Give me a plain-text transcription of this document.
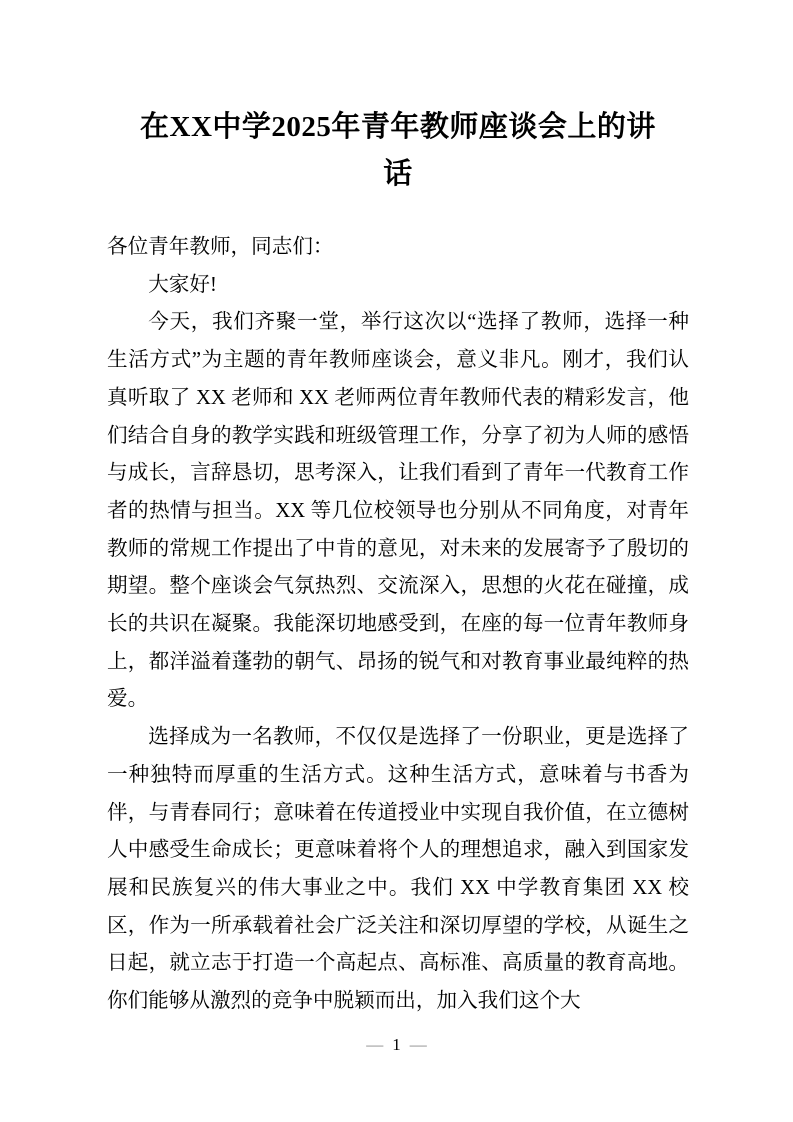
在XX中学2025年青年教师座谈会上的讲
话

各位青年教师，同志们：

大家好!

今天，我们齐聚一堂，举行这次以“选择了教师，选择一种生活方式”为主题的青年教师座谈会，意义非凡。刚才，我们认真听取了 XX 老师和 XX 老师两位青年教师代表的精彩发言，他们结合自身的教学实践和班级管理工作，分享了初为人师的感悟与成长，言辞恳切，思考深入，让我们看到了青年一代教育工作者的热情与担当。XX 等几位校领导也分别从不同角度，对青年教师的常规工作提出了中肯的意见，对未来的发展寄予了殷切的期望。整个座谈会气氛热烈、交流深入，思想的火花在碰撞，成长的共识在凝聚。我能深切地感受到，在座的每一位青年教师身上，都洋溢着蓬勃的朝气、昂扬的锐气和对教育事业最纯粹的热爱。

选择成为一名教师，不仅仅是选择了一份职业，更是选择了一种独特而厚重的生活方式。这种生活方式，意味着与书香为伴，与青春同行；意味着在传道授业中实现自我价值，在立德树人中感受生命成长；更意味着将个人的理想追求，融入到国家发展和民族复兴的伟大事业之中。我们 XX 中学教育集团 XX 校区，作为一所承载着社会广泛关注和深切厚望的学校，从诞生之日起，就立志于打造一个高起点、高标准、高质量的教育高地。你们能够从激烈的竞争中脱颖而出，加入我们这个大

— 1 —
